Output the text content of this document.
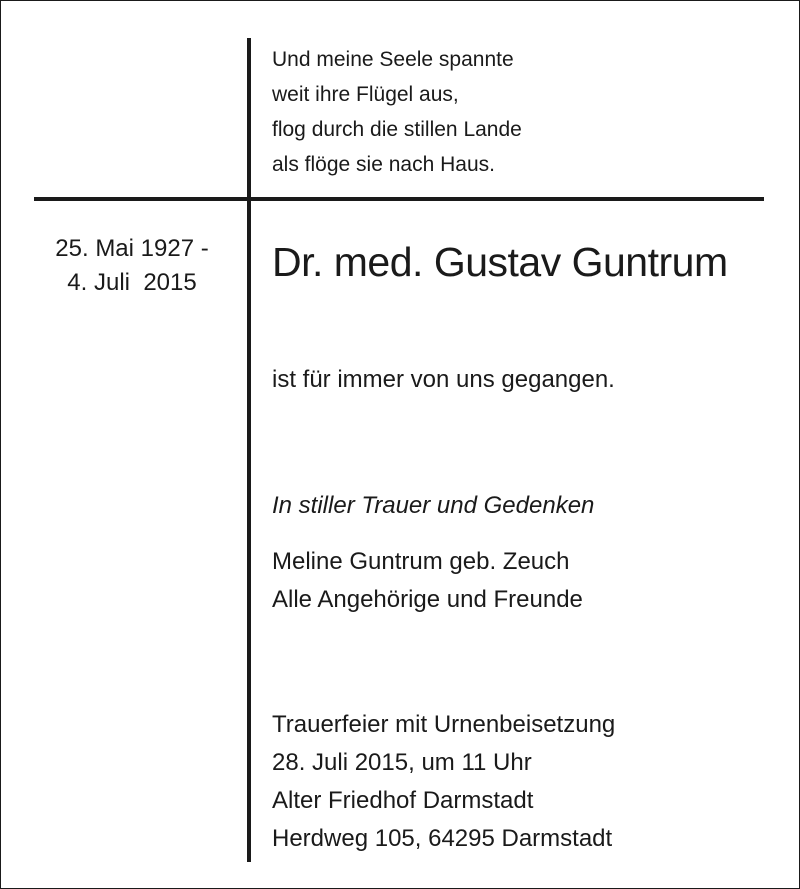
Und meine Seele spannte
weit ihre Flügel aus,
flog durch die stillen Lande
als flöge sie nach Haus.
25. Mai 1927 -
4. Juli  2015	Dr. med. Gustav Guntrum
ist für immer von uns gegangen.
In stiller Trauer und Gedenken
Meline Guntrum geb. Zeuch
Alle Angehörige und Freunde
Trauerfeier mit Urnenbeisetzung
28. Juli 2015, um 11 Uhr
Alter Friedhof Darmstadt
Herdweg 105, 64295 Darmstadt
